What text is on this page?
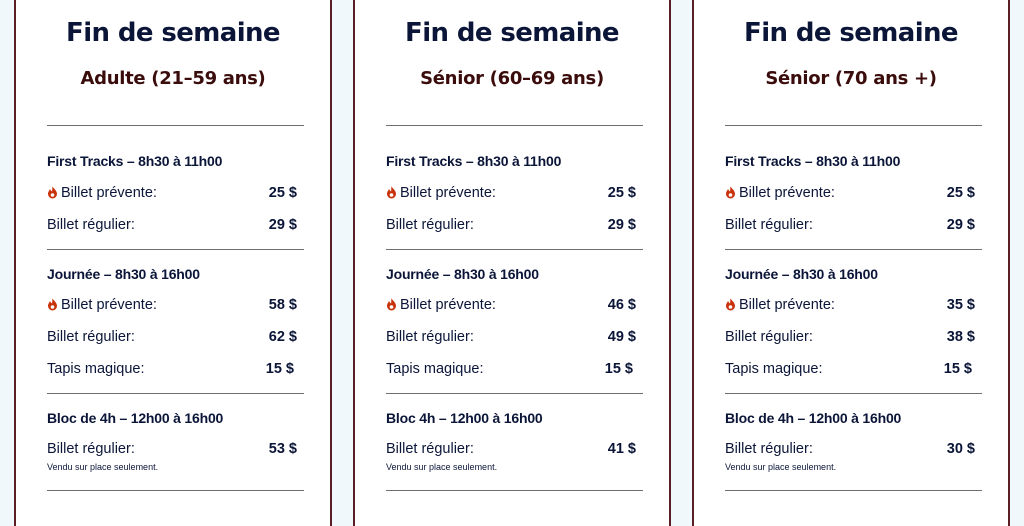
Fin de semaine
Adulte (21–59 ans)
First Tracks – 8h30 à 11h00
Billet prévente:	25 $
Billet régulier:	29 $
Journée – 8h30 à 16h00
Billet prévente:	58 $
Billet régulier:	62 $
Tapis magique:	15 $
Bloc de 4h – 12h00 à 16h00
Billet régulier:	53 $
Vendu sur place seulement.
Fin de semaine
Sénior (60–69 ans)
First Tracks – 8h30 à 11h00
Billet prévente:	25 $
Billet régulier:	29 $
Journée – 8h30 à 16h00
Billet prévente:	46 $
Billet régulier:	49 $
Tapis magique:	15 $
Bloc 4h – 12h00 à 16h00
Billet régulier:	41 $
Vendu sur place seulement.
Fin de semaine
Sénior (70 ans +)
First Tracks – 8h30 à 11h00
Billet prévente:	25 $
Billet régulier:	29 $
Journée – 8h30 à 16h00
Billet prévente:	35 $
Billet régulier:	38 $
Tapis magique:	15 $
Bloc de 4h – 12h00 à 16h00
Billet régulier:	30 $
Vendu sur place seulement.
